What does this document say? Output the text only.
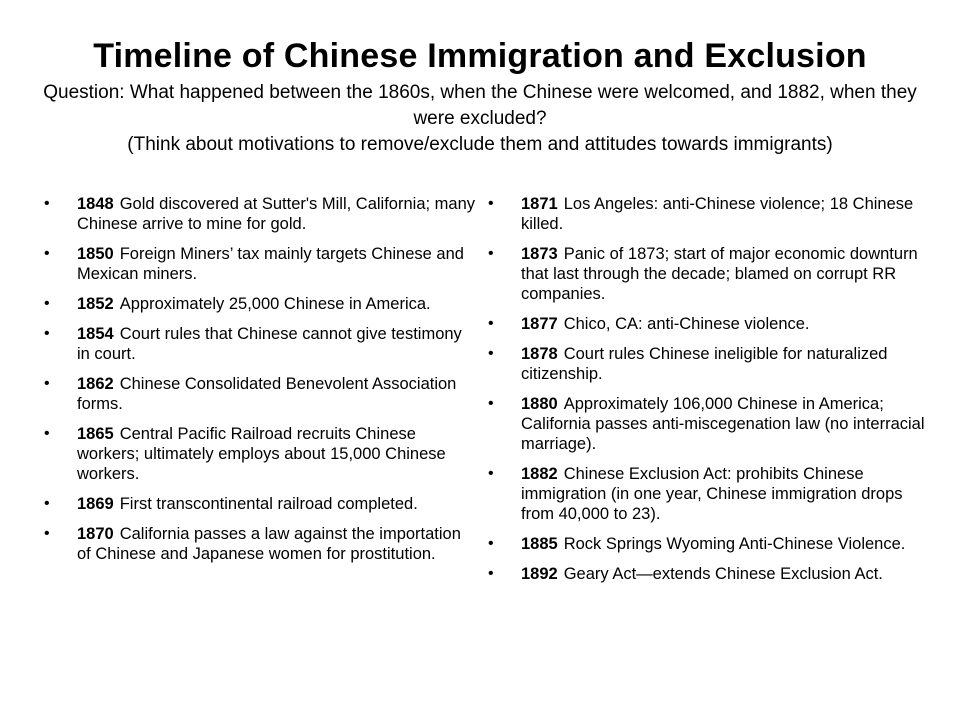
Timeline of Chinese Immigration and Exclusion
Question: What happened between the 1860s, when the Chinese were welcomed, and 1882, when they were excluded?
(Think about motivations to remove/exclude them and attitudes towards immigrants)
• 1848 Gold discovered at Sutter's Mill, California; many Chinese arrive to mine for gold.
• 1850 Foreign Miners’ tax mainly targets Chinese and Mexican miners.
• 1852 Approximately 25,000 Chinese in America.
• 1854 Court rules that Chinese cannot give testimony in court.
• 1862 Chinese Consolidated Benevolent Association forms.
• 1865 Central Pacific Railroad recruits Chinese workers; ultimately employs about 15,000 Chinese workers.
• 1869 First transcontinental railroad completed.
• 1870 California passes a law against the importation of Chinese and Japanese women for prostitution.
• 1871 Los Angeles: anti-Chinese violence; 18 Chinese killed.
• 1873 Panic of 1873; start of major economic downturn that last through the decade; blamed on corrupt RR companies.
• 1877 Chico, CA: anti-Chinese violence.
• 1878 Court rules Chinese ineligible for naturalized citizenship.
• 1880 Approximately 106,000 Chinese in America; California passes anti-miscegenation law (no interracial marriage).
• 1882 Chinese Exclusion Act: prohibits Chinese immigration (in one year, Chinese immigration drops from 40,000 to 23).
• 1885 Rock Springs Wyoming Anti-Chinese Violence.
• 1892 Geary Act—extends Chinese Exclusion Act.
